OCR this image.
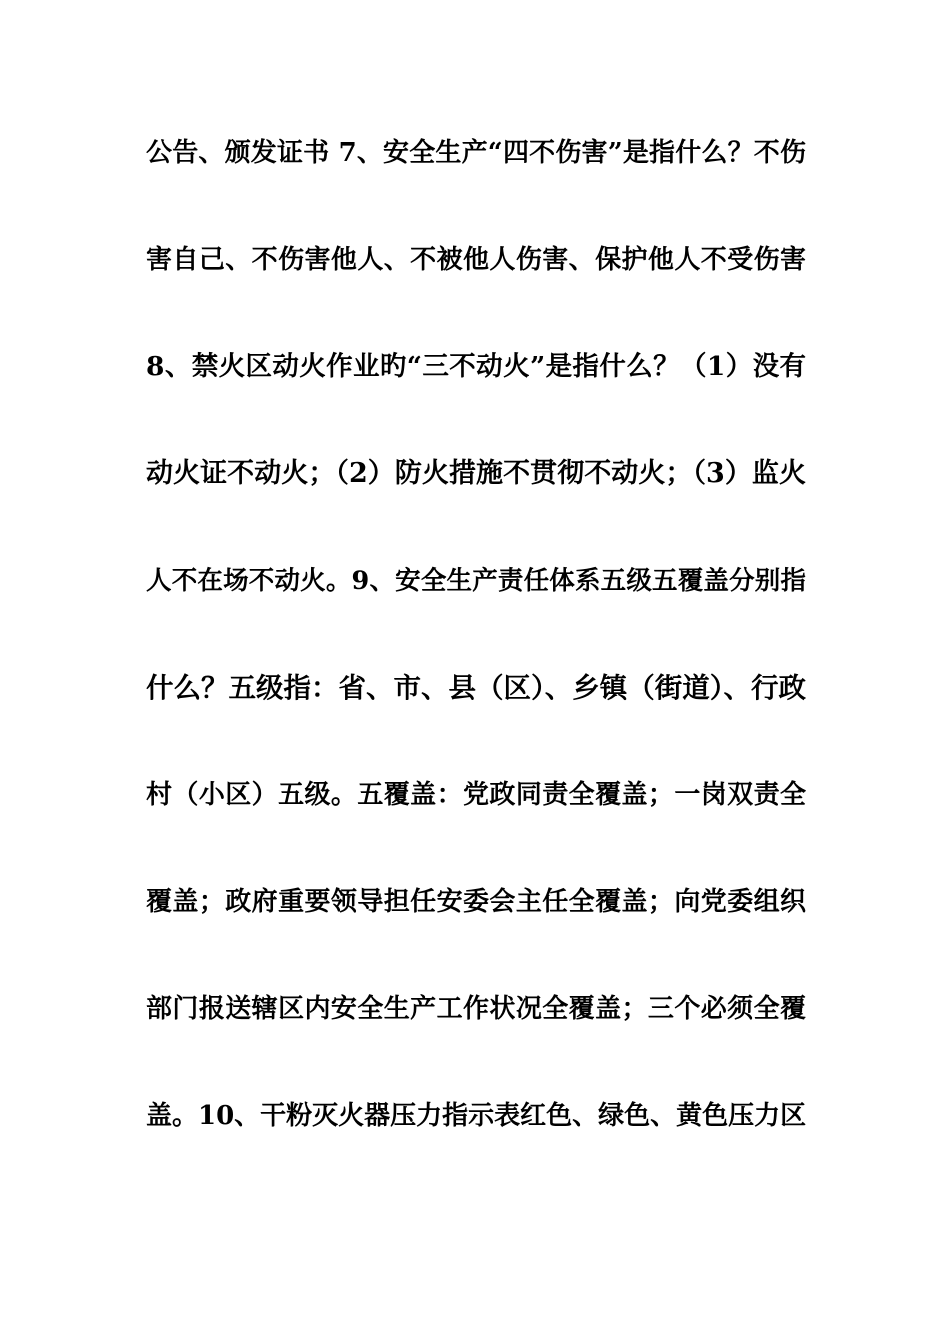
公告、颁发证书 7、安全生产“四不伤害”是指什么？不伤
害自己、不伤害他人、不被他人伤害、保护他人不受伤害
8、禁火区动火作业旳“三不动火”是指什么？（1）没有
动火证不动火；（2）防火措施不贯彻不动火；（3）监火
人不在场不动火。9、安全生产责任体系五级五覆盖分别指
什么？五级指：省、市、县（区）、乡镇（街道）、行政
村（小区）五级。五覆盖：党政同责全覆盖；一岗双责全
覆盖；政府重要领导担任安委会主任全覆盖；向党委组织
部门报送辖区内安全生产工作状况全覆盖；三个必须全覆
盖。10、干粉灭火器压力指示表红色、绿色、黄色压力区
